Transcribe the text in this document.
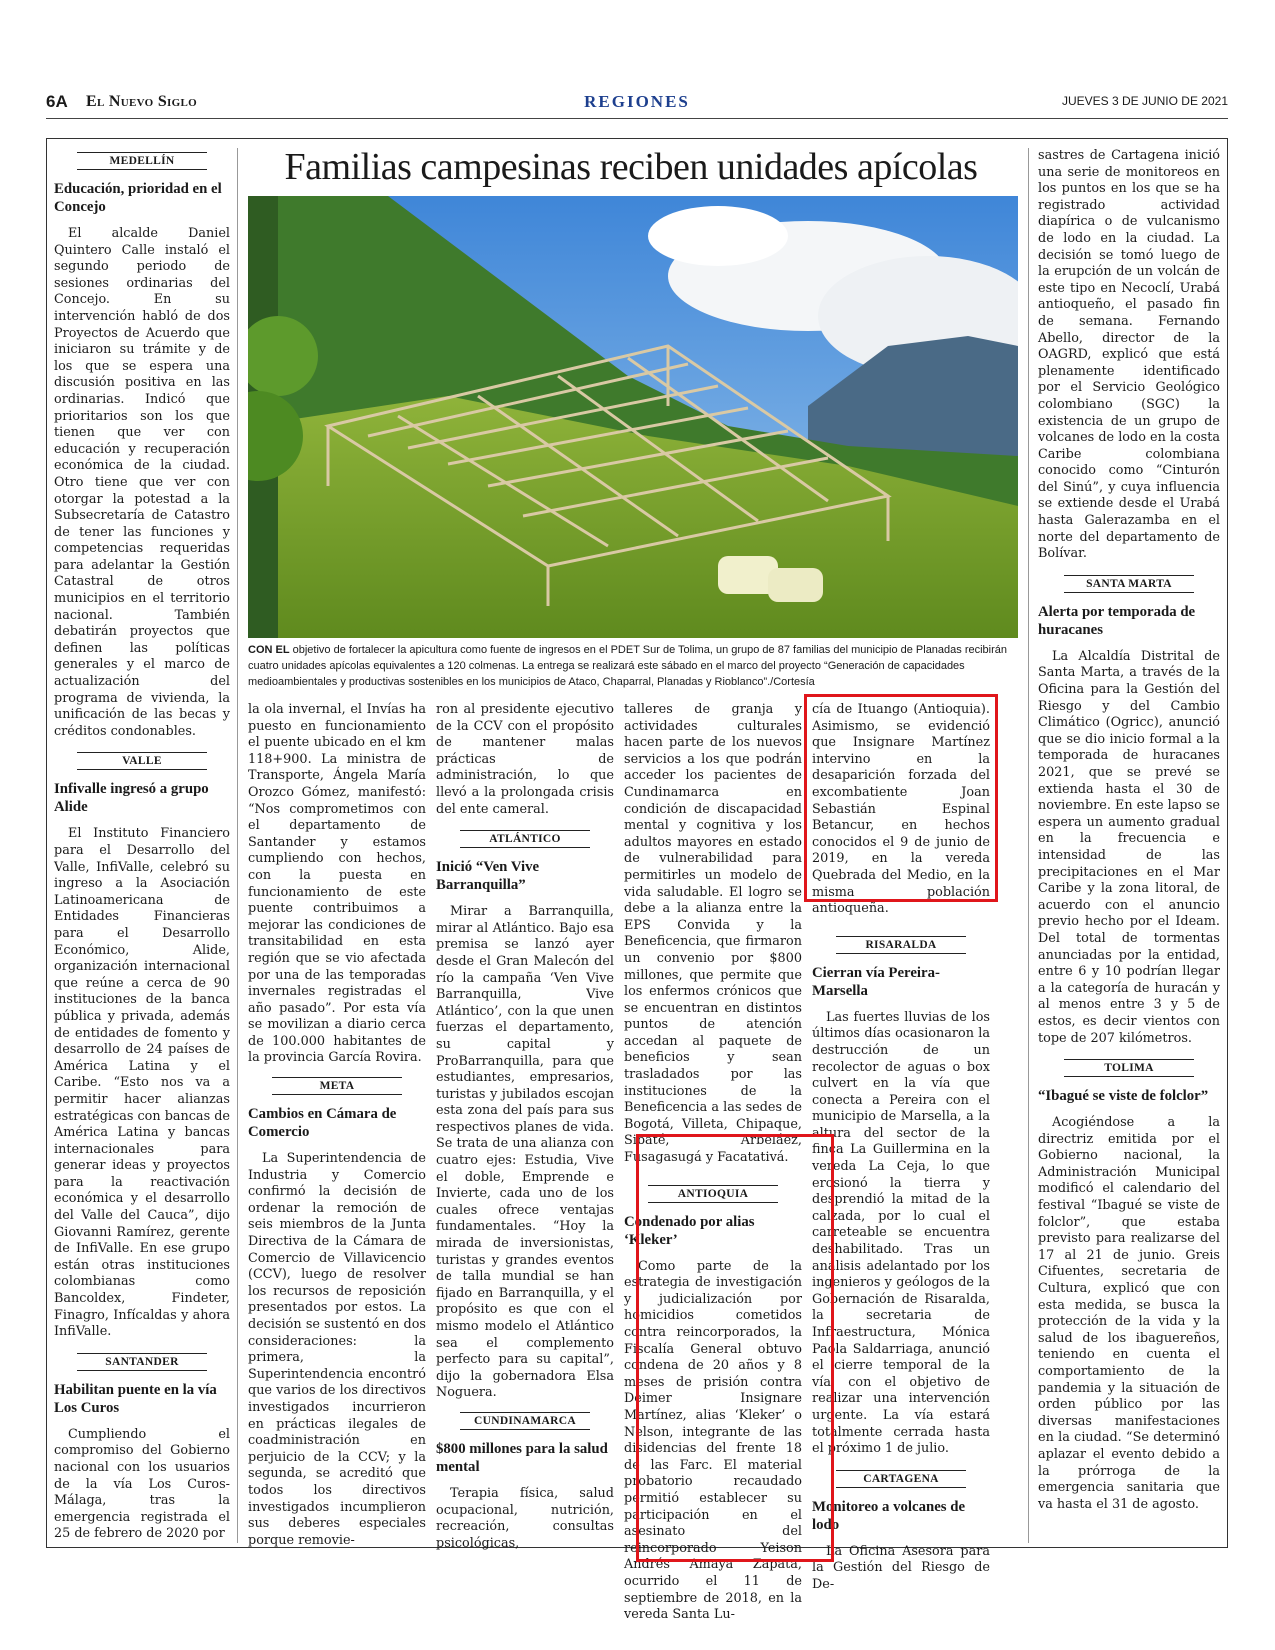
6A El Nuevo Siglo	REGIONES	JUEVES 3 DE JUNIO DE 2021
Familias campesinas reciben unidades apícolas
CON EL objetivo de fortalecer la apicultura como fuente de ingresos en el PDET Sur de Tolima, un grupo de 87 familias del municipio de Planadas recibirán cuatro unidades apícolas equivalentes a 120 colmenas. La entrega se realizará este sábado en el marco del proyecto “Generación de capacidades medioambientales y productivas sostenibles en los municipios de Ataco, Chaparral, Planadas y Rioblanco”./Cortesía
MEDELLÍN
Educación, prioridad en el Concejo

El alcalde Daniel Quintero Calle instaló el segundo periodo de sesiones ordinarias del Concejo. En su intervención habló de dos Proyectos de Acuerdo que iniciaron su trámite y de los que se espera una discusión positiva en las ordinarias. Indicó que prioritarios son los que tienen que ver con educación y recuperación económica de la ciudad. Otro tiene que ver con otorgar la potestad a la Subsecretaría de Catastro de tener las funciones y competencias requeridas para adelantar la Gestión Catastral de otros municipios en el territorio nacional. También debatirán proyectos que definen las políticas generales y el marco de actualización del programa de vivienda, la unificación de las becas y créditos condonables.

VALLE
Infivalle ingresó a grupo Alide

El Instituto Financiero para el Desarrollo del Valle, InfiValle, celebró su ingreso a la Asociación Latinoamericana de Entidades Financieras para el Desarrollo Económico, Alide, organización internacional que reúne a cerca de 90 instituciones de la banca pública y privada, además de entidades de fomento y desarrollo de 24 países de América Latina y el Caribe. “Esto nos va a permitir hacer alianzas estratégicas con bancas de América Latina y bancas internacionales para generar ideas y proyectos para la reactivación económica y el desarrollo del Valle del Cauca”, dijo Giovanni Ramírez, gerente de InfiValle. En ese grupo están otras instituciones colombianas como Bancoldex, Findeter, Finagro, Infícaldas y ahora InfiValle.

SANTANDER
Habilitan puente en la vía Los Curos

Cumpliendo el compromiso del Gobierno nacional con los usuarios de la vía Los Curos-Málaga, tras la emergencia registrada el 25 de febrero de 2020 por

la ola invernal, el Invías ha puesto en funcionamiento el puente ubicado en el km 118+900. La ministra de Transporte, Ángela María Orozco Gómez, manifestó: “Nos comprometimos con el departamento de Santander y estamos cumpliendo con hechos, con la puesta en funcionamiento de este puente contribuimos a mejorar las condiciones de transitabilidad en esta región que se vio afectada por una de las temporadas invernales registradas el año pasado”. Por esta vía se movilizan a diario cerca de 100.000 habitantes de la provincia García Rovira.

META
Cambios en Cámara de Comercio

La Superintendencia de Industria y Comercio confirmó la decisión de ordenar la remoción de seis miembros de la Junta Directiva de la Cámara de Comercio de Villavicencio (CCV), luego de resolver los recursos de reposición presentados por estos. La decisión se sustentó en dos consideraciones: la primera, la Superintendencia encontró que varios de los directivos investigados incurrieron en prácticas ilegales de coadministración en perjuicio de la CCV; y la segunda, se acreditó que todos los directivos investigados incumplieron sus deberes especiales porque removie-

ron al presidente ejecutivo de la CCV con el propósito de mantener malas prácticas de administración, lo que llevó a la prolongada crisis del ente cameral.

ATLÁNTICO
Inició “Ven Vive Barranquilla”

Mirar a Barranquilla, mirar al Atlántico. Bajo esa premisa se lanzó ayer desde el Gran Malecón del río la campaña ‘Ven Vive Barranquilla, Vive Atlántico’, con la que unen fuerzas el departamento, su capital y ProBarranquilla, para que estudiantes, empresarios, turistas y jubilados escojan esta zona del país para sus respectivos planes de vida. Se trata de una alianza con cuatro ejes: Estudia, Vive el doble, Emprende e Invierte, cada uno de los cuales ofrece ventajas fundamentales. “Hoy la mirada de inversionistas, turistas y grandes eventos de talla mundial se han fijado en Barranquilla, y el propósito es que con el mismo modelo el Atlántico sea el complemento perfecto para su capital”, dijo la gobernadora Elsa Noguera.

CUNDINAMARCA
$800 millones para la salud mental

Terapia física, salud ocupacional, nutrición, recreación, consultas psicológicas,

talleres de granja y actividades culturales hacen parte de los nuevos servicios a los que podrán acceder los pacientes de Cundinamarca en condición de discapacidad mental y cognitiva y los adultos mayores en estado de vulnerabilidad para permitirles un modelo de vida saludable. El logro se debe a la alianza entre la EPS Convida y la Beneficencia, que firmaron un convenio por $800 millones, que permite que los enfermos crónicos que se encuentran en distintos puntos de atención accedan al paquete de beneficios y sean trasladados por las instituciones de la Beneficencia a las sedes de Bogotá, Villeta, Chipaque, Sibaté, Arbeláez, Fusagasugá y Facatativá.

ANTIOQUIA
Condenado por alias ‘Kleker’

Como parte de la estrategia de investigación y judicialización por homicidios cometidos contra reincorporados, la Fiscalía General obtuvo condena de 20 años y 8 meses de prisión contra Deimer Insignare Martínez, alias ‘Kleker’ o Nelson, integrante de las disidencias del frente 18 de las Farc. El material probatorio recaudado permitió establecer su participación en el asesinato del reincorporado Yeison Andrés Amaya Zapata, ocurrido el 11 de septiembre de 2018, en la vereda Santa Lu-

cía de Ituango (Antioquia). Asimismo, se evidenció que Insignare Martínez intervino en la desaparición forzada del excombatiente Joan Sebastián Espinal Betancur, en hechos conocidos el 9 de junio de 2019, en la vereda Quebrada del Medio, en la misma población antioqueña.

RISARALDA
Cierran vía Pereira-Marsella

Las fuertes lluvias de los últimos días ocasionaron la destrucción de un recolector de aguas o box culvert en la vía que conecta a Pereira con el municipio de Marsella, a la altura del sector de la finca La Guillermina en la vereda La Ceja, lo que erosionó la tierra y desprendió la mitad de la calzada, por lo cual el carreteable se encuentra deshabilitado. Tras un análisis adelantado por los ingenieros y geólogos de la Gobernación de Risaralda, la secretaria de Infraestructura, Mónica Paola Saldarriaga, anunció el cierre temporal de la vía, con el objetivo de realizar una intervención urgente. La vía estará totalmente cerrada hasta el próximo 1 de julio.

CARTAGENA
Monitoreo a volcanes de lodo

La Oficina Asesora para la Gestión del Riesgo de De-

sastres de Cartagena inició una serie de monitoreos en los puntos en los que se ha registrado actividad diapírica o de vulcanismo de lodo en la ciudad. La decisión se tomó luego de la erupción de un volcán de este tipo en Necoclí, Urabá antioqueño, el pasado fin de semana. Fernando Abello, director de la OAGRD, explicó que está plenamente identificado por el Servicio Geológico colombiano (SGC) la existencia de un grupo de volcanes de lodo en la costa Caribe colombiana conocido como “Cinturón del Sinú”, y cuya influencia se extiende desde el Urabá hasta Galerazamba en el norte del departamento de Bolívar.

SANTA MARTA
Alerta por temporada de huracanes

La Alcaldía Distrital de Santa Marta, a través de la Oficina para la Gestión del Riesgo y del Cambio Climático (Ogricc), anunció que se dio inicio formal a la temporada de huracanes 2021, que se prevé se extienda hasta el 30 de noviembre. En este lapso se espera un aumento gradual en la frecuencia e intensidad de las precipitaciones en el Mar Caribe y la zona litoral, de acuerdo con el anuncio previo hecho por el Ideam. Del total de tormentas anunciadas por la entidad, entre 6 y 10 podrían llegar a la categoría de huracán y al menos entre 3 y 5 de estos, es decir vientos con tope de 207 kilómetros.

TOLIMA
“Ibagué se viste de folclor”

Acogiéndose a la directriz emitida por el Gobierno nacional, la Administración Municipal modificó el calendario del festival “Ibagué se viste de folclor”, que estaba previsto para realizarse del 17 al 21 de junio. Greis Cifuentes, secretaria de Cultura, explicó que con esta medida, se busca la protección de la vida y la salud de los ibaguereños, teniendo en cuenta el comportamiento de la pandemia y la situación de orden público por las diversas manifestaciones en la ciudad. “Se determinó aplazar el evento debido a la prórroga de la emergencia sanitaria que va hasta el 31 de agosto.
